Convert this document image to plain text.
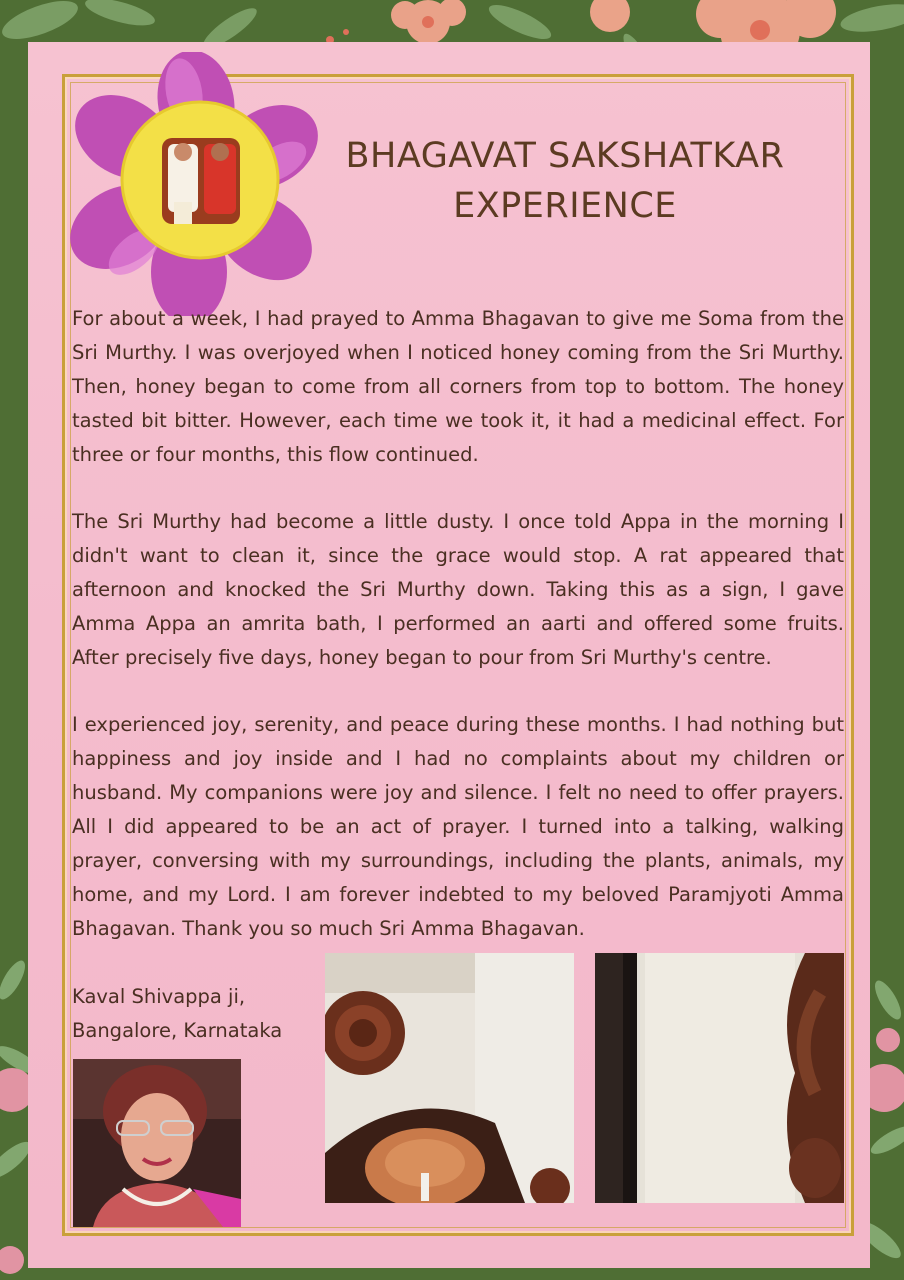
BHAGAVAT SAKSHATKAR
EXPERIENCE

For about a week, I had prayed to Amma Bhagavan to give me Soma from the Sri Murthy. I was overjoyed when I noticed honey coming from the Sri Murthy. Then, honey began to come from all corners from top to bottom. The honey tasted bit bitter. However, each time we took it, it had a medicinal effect. For three or four months, this flow continued.

The Sri Murthy had become a little dusty. I once told Appa in the morning I didn't want to clean it, since the grace would stop. A rat appeared that afternoon and knocked the Sri Murthy down. Taking this as a sign, I gave Amma Appa an amrita bath, I performed an aarti and offered some fruits. After precisely five days, honey began to pour from Sri Murthy's centre.

I experienced joy, serenity, and peace during these months. I had nothing but happiness and joy inside and I had no complaints about my children or husband. My companions were joy and silence. I felt no need to offer prayers. All I did appeared to be an act of prayer. I turned into a talking, walking prayer, conversing with my surroundings, including the plants, animals, my home, and my Lord. I am forever indebted to my beloved Paramjyoti Amma Bhagavan. Thank you so much Sri Amma Bhagavan.

Kaval Shivappa ji,
Bangalore, Karnataka
